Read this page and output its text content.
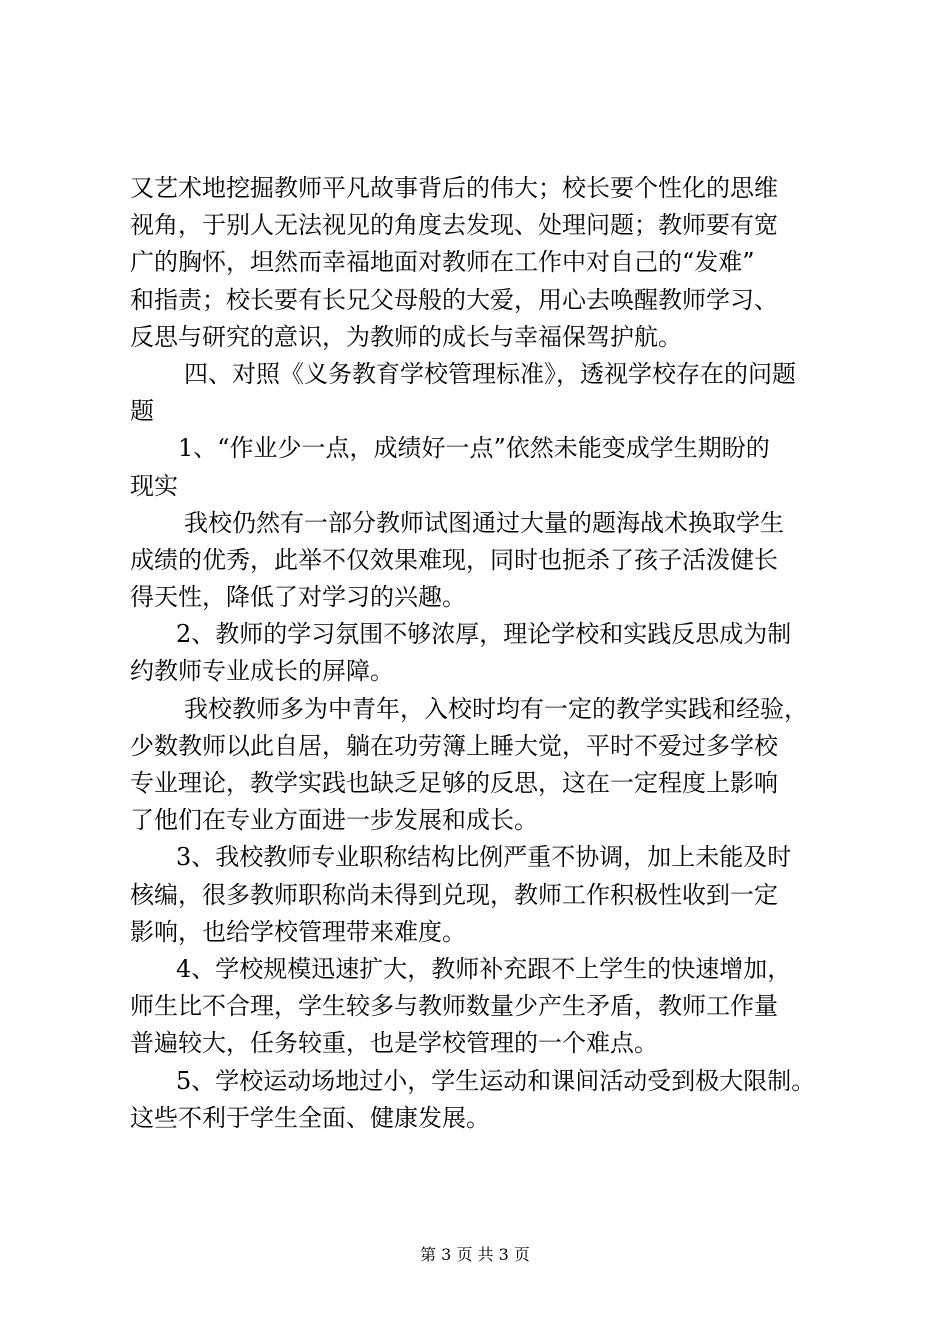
又艺术地挖掘教师平凡故事背后的伟大；校长要个性化的思维
视角，于别人无法视见的角度去发现、处理问题；教师要有宽
广的胸怀，坦然而幸福地面对教师在工作中对自己的“发难”
和指责；校长要有长兄父母般的大爱，用心去唤醒教师学习、
反思与研究的意识，为教师的成长与幸福保驾护航。
四、对照《义务教育学校管理标准》，透视学校存在的问题
题
1、“作业少一点，成绩好一点”依然未能变成学生期盼的
现实
我校仍然有一部分教师试图通过大量的题海战术换取学生
成绩的优秀，此举不仅效果难现，同时也扼杀了孩子活泼健长
得天性，降低了对学习的兴趣。
2、教师的学习氛围不够浓厚，理论学校和实践反思成为制
约教师专业成长的屏障。
我校教师多为中青年，入校时均有一定的教学实践和经验，
少数教师以此自居，躺在功劳簿上睡大觉，平时不爱过多学校
专业理论，教学实践也缺乏足够的反思，这在一定程度上影响
了他们在专业方面进一步发展和成长。
3、我校教师专业职称结构比例严重不协调，加上未能及时
核编，很多教师职称尚未得到兑现，教师工作积极性收到一定
影响，也给学校管理带来难度。
4、学校规模迅速扩大，教师补充跟不上学生的快速增加，
师生比不合理，学生较多与教师数量少产生矛盾，教师工作量
普遍较大，任务较重，也是学校管理的一个难点。
5、学校运动场地过小，学生运动和课间活动受到极大限制。
这些不利于学生全面、健康发展。
第 3 页 共 3 页
